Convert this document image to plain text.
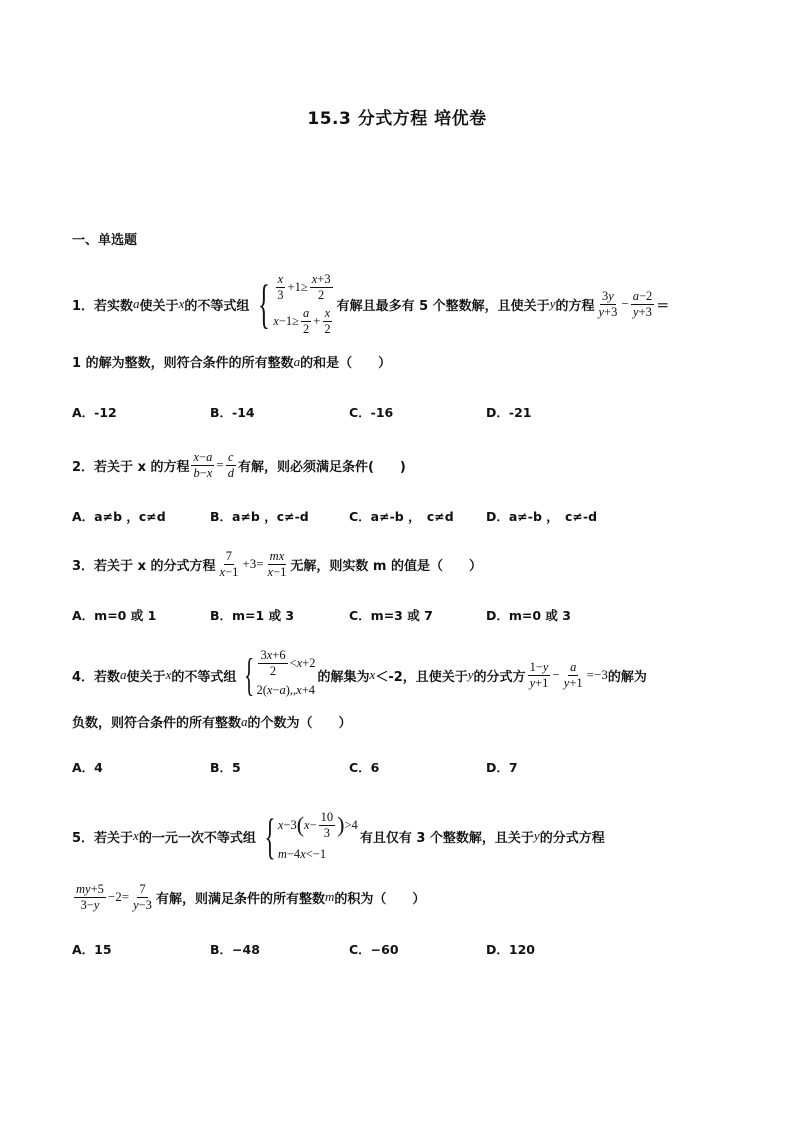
15.3 分式方程 培优卷
一、单选题
1．若实数 a 使关于 x 的不等式组 { $\frac{x}{3} +1\ge \frac{x+3}{2}$
$x -1\ge \frac{a}{2} + \frac{x}{2}$ 有解且最多有 5 个整数解，且使关于 y 的方程 $\frac{3y}{y+3} - \frac{a-2}{y+3}$ ＝
1 的解为整数，则符合条件的所有整数 a 的和是（　　）
A．-12	B．-14	C．-16	D．-21
2．若关于 x 的方程 $\frac{x-a}{b-x} = \frac{c}{d}$ 有解，则必须满足条件(　　)
A．a≠b ，c≠d	B．a≠b ，c≠-d	C．a≠-b ，　c≠d	D．a≠-b ，　c≠-d
3．若关于 x 的分式方程 $\frac{7}{x-1} +3= \frac{mx}{x-1}$ 无解，则实数 m 的值是（　　）
A．m=0 或 1	B．m=1 或 3	C．m=3 或 7	D．m=0 或 3
4．若数 a 使关于 x 的不等式组 { $\frac{3x+6}{2} < x +2$
2( x − a ),, x +4
的解集为 x ＜-2，且使关于 y 的分式方 $\frac{1-y}{y+1} - \frac{a}{y+1} =-3$ 的解为
负数，则符合条件的所有整数 a 的个数为（　　）
A．4	B．5	C．6	D．7
5．若关于 x 的一元一次不等式组 { x −3 ( $x - \frac{10}{3}$ ) >4
m −4 x <−1
有且仅有 3 个整数解，且关于 y 的分式方程
$\frac{my+5}{3-y} -2= \frac{7}{y-3}$ 有解，则满足条件的所有整数 m 的积为（　　）
A．15	B．−48	C．−60	D．120
